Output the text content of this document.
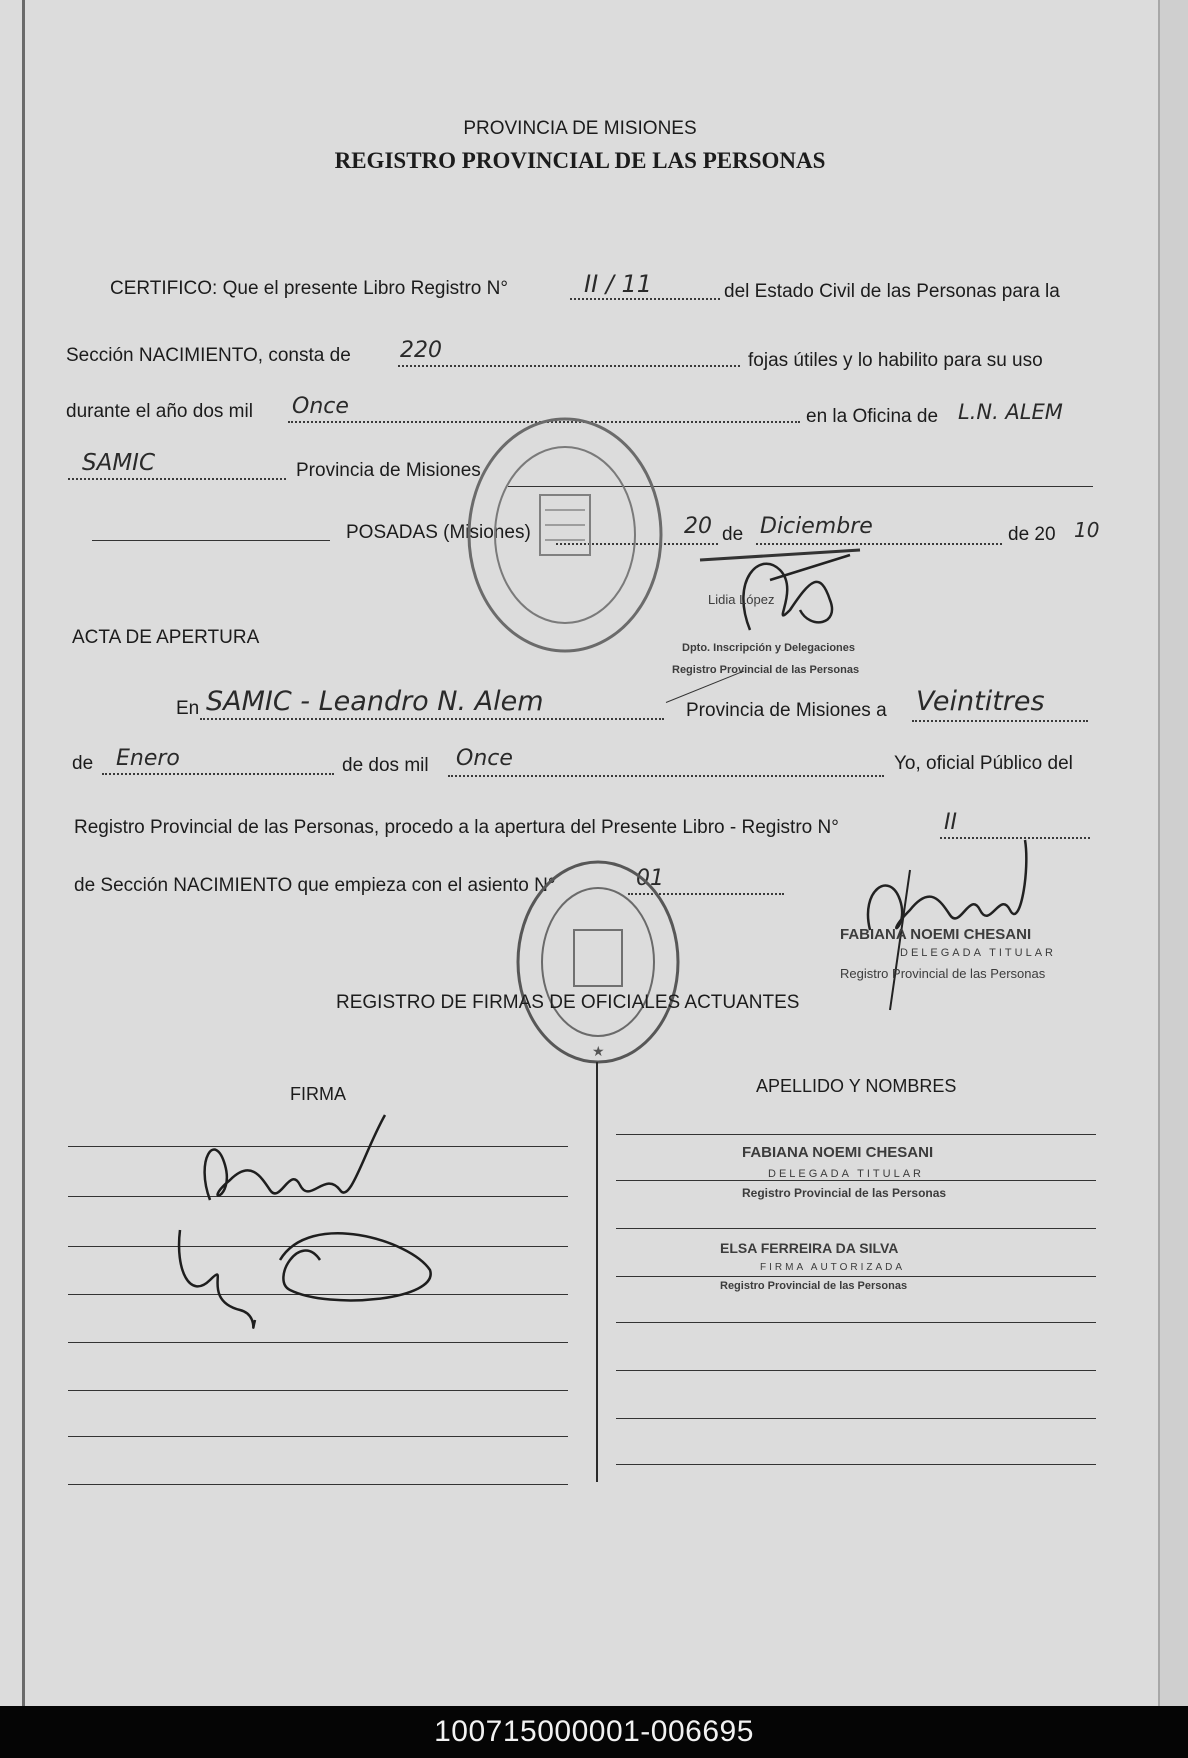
PROVINCIA DE MISIONES
REGISTRO PROVINCIAL DE LAS PERSONAS
CERTIFICO: Que el presente Libro Registro N°	II / 11	del Estado Civil de las Personas para la
Sección NACIMIENTO, consta de 220	fojas útiles y lo habilito para su uso
durante el año dos mil Once	en la Oficina de L.N. ALEM
SAMIC	Provincia de Misiones
POSADAS (Misiones)	20 de Diciembre	de 20 10
Lidia López
Dpto. Inscripción y Delegaciones
Registro Provincial de las Personas
ACTA DE APERTURA
En SAMIC - Leandro N. Alem	Provincia de Misiones a Veintitres
de Enero	de dos mil Once	Yo, oficial Público del
Registro Provincial de las Personas, procedo a la apertura del Presente Libro - Registro N°	II
de Sección NACIMIENTO que empieza con el asiento N°	01
★
FABIANA NOEMI CHESANI
DELEGADA TITULAR
Registro Provincial de las Personas
REGISTRO DE FIRMAS DE OFICIALES ACTUANTES
FIRMA	APELLIDO Y NOMBRES
FABIANA NOEMI CHESANI
DELEGADA TITULAR
Registro Provincial de las Personas
ELSA FERREIRA DA SILVA
FIRMA AUTORIZADA
Registro Provincial de las Personas
100715000001-006695
